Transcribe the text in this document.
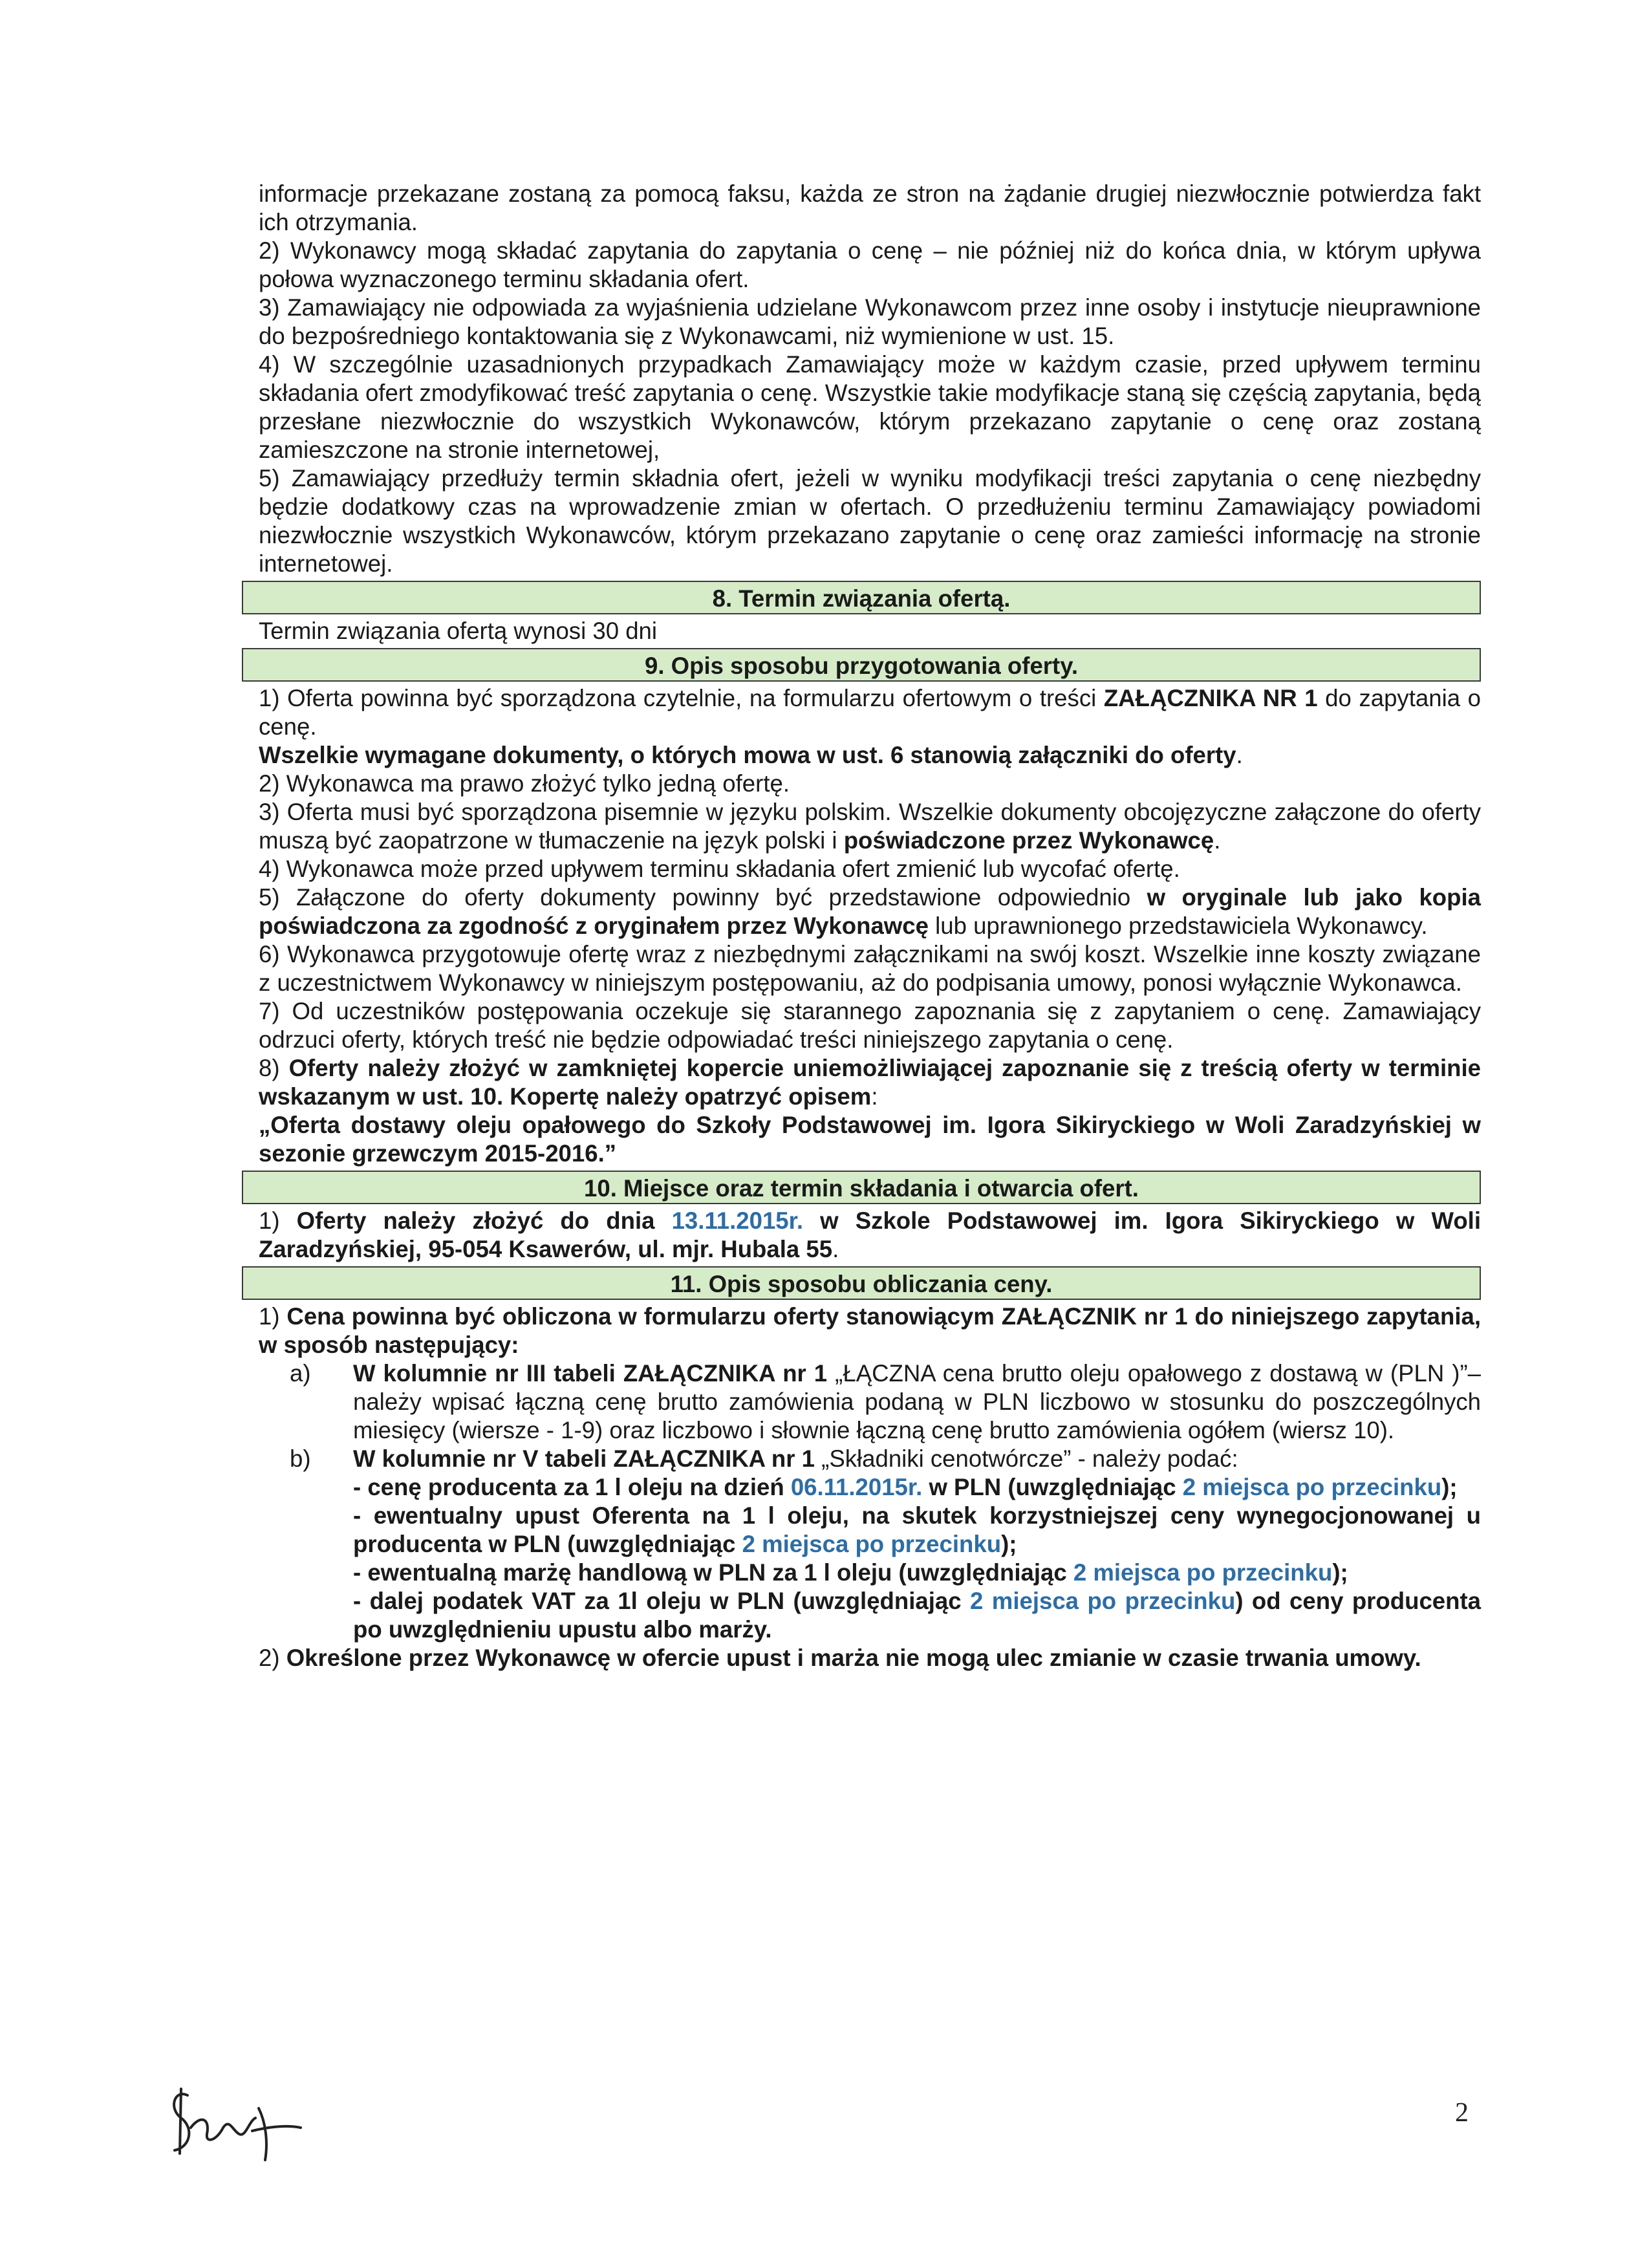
informacje przekazane zostaną za pomocą faksu, każda ze stron na żądanie drugiej niezwłocznie potwierdza fakt ich otrzymania.

2) Wykonawcy mogą składać zapytania do zapytania o cenę – nie później niż do końca dnia, w którym upływa połowa wyznaczonego terminu składania ofert.

3) Zamawiający nie odpowiada za wyjaśnienia udzielane Wykonawcom przez inne osoby i instytucje nieuprawnione do bezpośredniego kontaktowania się z Wykonawcami, niż wymienione w ust. 15.

4) W szczególnie uzasadnionych przypadkach Zamawiający może w każdym czasie, przed upływem terminu składania ofert zmodyfikować treść zapytania o cenę. Wszystkie takie modyfikacje staną się częścią zapytania, będą przesłane niezwłocznie do wszystkich Wykonawców, którym przekazano zapytanie o cenę oraz zostaną zamieszczone na stronie internetowej,

5) Zamawiający przedłuży termin składnia ofert, jeżeli w wyniku modyfikacji treści zapytania o cenę niezbędny będzie dodatkowy czas na wprowadzenie zmian w ofertach. O przedłużeniu terminu Zamawiający powiadomi niezwłocznie wszystkich Wykonawców, którym przekazano zapytanie o cenę oraz zamieści informację na stronie internetowej.

8. Termin związania ofertą.

Termin związania ofertą wynosi 30 dni

9. Opis sposobu przygotowania oferty.

1) Oferta powinna być sporządzona czytelnie, na formularzu ofertowym o treści ZAŁĄCZNIKA NR 1 do zapytania o cenę.

Wszelkie wymagane dokumenty, o których mowa w ust. 6 stanowią załączniki do oferty.

2) Wykonawca ma prawo złożyć tylko jedną ofertę.

3) Oferta musi być sporządzona pisemnie w języku polskim. Wszelkie dokumenty obcojęzyczne załączone do oferty muszą być zaopatrzone w tłumaczenie na język polski i poświadczone przez Wykonawcę.

4) Wykonawca może przed upływem terminu składania ofert zmienić lub wycofać ofertę.

5) Załączone do oferty dokumenty powinny być przedstawione odpowiednio w oryginale lub jako kopia poświadczona za zgodność z oryginałem przez Wykonawcę lub uprawnionego przedstawiciela Wykonawcy.

6) Wykonawca przygotowuje ofertę wraz z niezbędnymi załącznikami na swój koszt. Wszelkie inne koszty związane z uczestnictwem Wykonawcy w niniejszym postępowaniu, aż do podpisania umowy, ponosi wyłącznie Wykonawca.

7) Od uczestników postępowania oczekuje się starannego zapoznania się z zapytaniem o cenę. Zamawiający odrzuci oferty, których treść nie będzie odpowiadać treści niniejszego zapytania o cenę.

8) Oferty należy złożyć w zamkniętej kopercie uniemożliwiającej zapoznanie się z treścią oferty w terminie wskazanym w ust. 10. Kopertę należy opatrzyć opisem:

„Oferta dostawy oleju opałowego do Szkoły Podstawowej im. Igora Sikiryckiego w Woli Zaradzyńskiej w sezonie grzewczym 2015-2016.”

10. Miejsce oraz termin składania i otwarcia ofert.

1) Oferty należy złożyć do dnia 13.11.2015r. w Szkole Podstawowej im. Igora Sikiryckiego w Woli Zaradzyńskiej, 95-054 Ksawerów, ul. mjr. Hubala 55.

11. Opis sposobu obliczania ceny.

1) Cena powinna być obliczona w formularzu oferty stanowiącym ZAŁĄCZNIK nr 1 do niniejszego zapytania, w sposób następujący:

a)	W kolumnie nr III tabeli ZAŁĄCZNIKA nr 1 „ŁĄCZNA cena brutto oleju opałowego z dostawą w (PLN )”– należy wpisać łączną cenę brutto zamówienia podaną w PLN liczbowo w stosunku do poszczególnych miesięcy (wiersze - 1-9) oraz liczbowo i słownie łączną cenę brutto zamówienia ogółem (wiersz 10).
b)	W kolumnie nr V tabeli ZAŁĄCZNIKA nr 1 „Składniki cenotwórcze” - należy podać:

- cenę producenta za 1 l oleju na dzień 06.11.2015r. w PLN (uwzględniając 2 miejsca po przecinku);

- ewentualny upust Oferenta na 1 l oleju, na skutek korzystniejszej ceny wynegocjonowanej u producenta w PLN (uwzględniając 2 miejsca po przecinku);

- ewentualną marżę handlową w PLN za 1 l oleju (uwzględniając 2 miejsca po przecinku);

- dalej podatek VAT za 1l oleju w PLN (uwzględniając 2 miejsca po przecinku) od ceny producenta po uwzględnieniu upustu albo marży.

2) Określone przez Wykonawcę w ofercie upust i marża nie mogą ulec zmianie w czasie trwania umowy.

2
